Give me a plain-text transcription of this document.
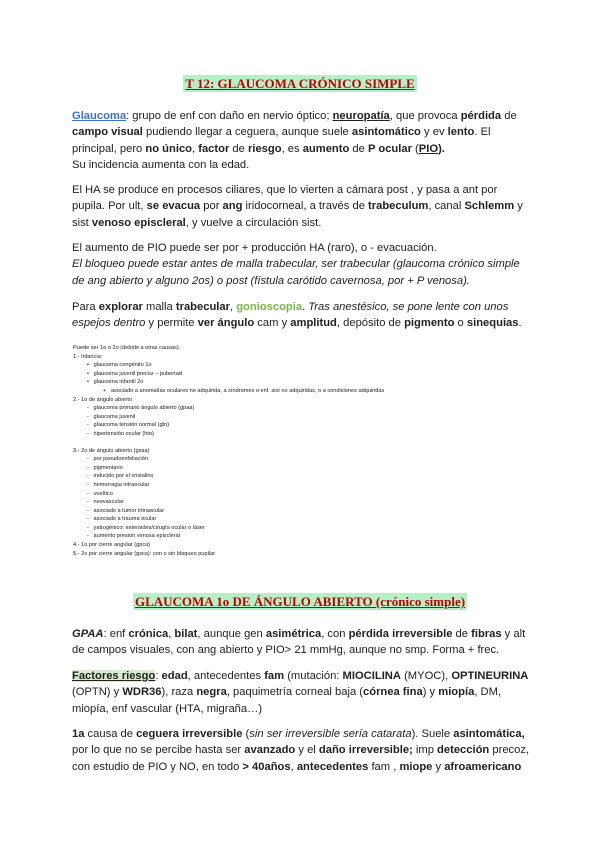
T 12: GLAUCOMA CRÓNICO SIMPLE

Glaucoma: grupo de enf con daño en nervio óptico; neuropatía, que provoca pérdida de campo visual pudiendo llegar a ceguera, aunque suele asintomático y ev lento. El principal, pero no único, factor de riesgo, es aumento de P ocular (PIO).

Su incidencia aumenta con la edad.

El HA se produce en procesos ciliares, que lo vierten a cámara post , y pasa a ant por pupila. Por ult, se evacua por ang iridocorneal, a través de trabeculum, canal Schlemm y sist venoso episcleral, y vuelve a circulación sist.

El aumento de PIO puede ser por + producción HA (raro), o - evacuación.

El bloqueo puede estar antes de malla trabecular, ser trabecular (glaucoma crónico simple de ang abierto y alguno 2os) o post (fístula carótido cavernosa, por + P venosa).

Para explorar malla trabecular, gonioscopia. Tras anestésico, se pone lente con unos espejos dentro y permite ver ángulo cam y amplitud, depósito de pigmento o sinequias.

Puede ser 1o o 2o (debido a otras causas).
1.- Infancia:
•   glaucoma congénito 1o
•   glaucoma juvenil precoz – pubertad
•   glaucoma infantil 2o
+   asociado a anomalías oculares no adquirida, a síndromes o enf. sist no adquiridas, o a condiciones adquiridas
2.- 1o de ángulo abierto
-   glaucoma primario ángulo abierto (gpaa)
-   glaucoma juvenil
-   glaucoma tensión normal (gtn)
-   hipertensión ocular (hto)
3.- 2o de ángulo abierto (gsaa)
-   por pseudoexfoliación
-   pigmentario
-   inducido por el cristalino
-   hemorragia intraocular
-   uveítico
-   neovascular
-   asociado a tumor intraocular
-   asociado a trauma ocular
-   yatrogénico: esteroides/cirugía ocular o láser
-   aumento presión venosa episcleral
4.- 1o por cierre angular (gpca)
5.- 2o por cierre angular (gsca): con o sin bloqueo pupilar
GLAUCOMA 1o DE ÁNGULO ABIERTO (crónico simple)

GPAA: enf crónica, bilat, aunque gen asimétrica, con pérdida irreversible de fibras y alt de campos visuales, con ang abierto y PIO> 21 mmHg, aunque no smp. Forma + frec.

Factores riesgo: edad, antecedentes fam (mutación: MIOCILINA (MYOC), OPTINEURINA (OPTN) y WDR36), raza negra, paquimetría corneal baja (córnea fina) y miopía, DM, miopía, enf vascular (HTA, migraña…)

1a causa de ceguera irreversible (sin ser irreversible sería catarata). Suele asintomática, por lo que no se percibe hasta ser avanzado y el daño irreversible; imp detección precoz, con estudio de PIO y NO, en todo > 40años, antecedentes fam , miope y afroamericano
